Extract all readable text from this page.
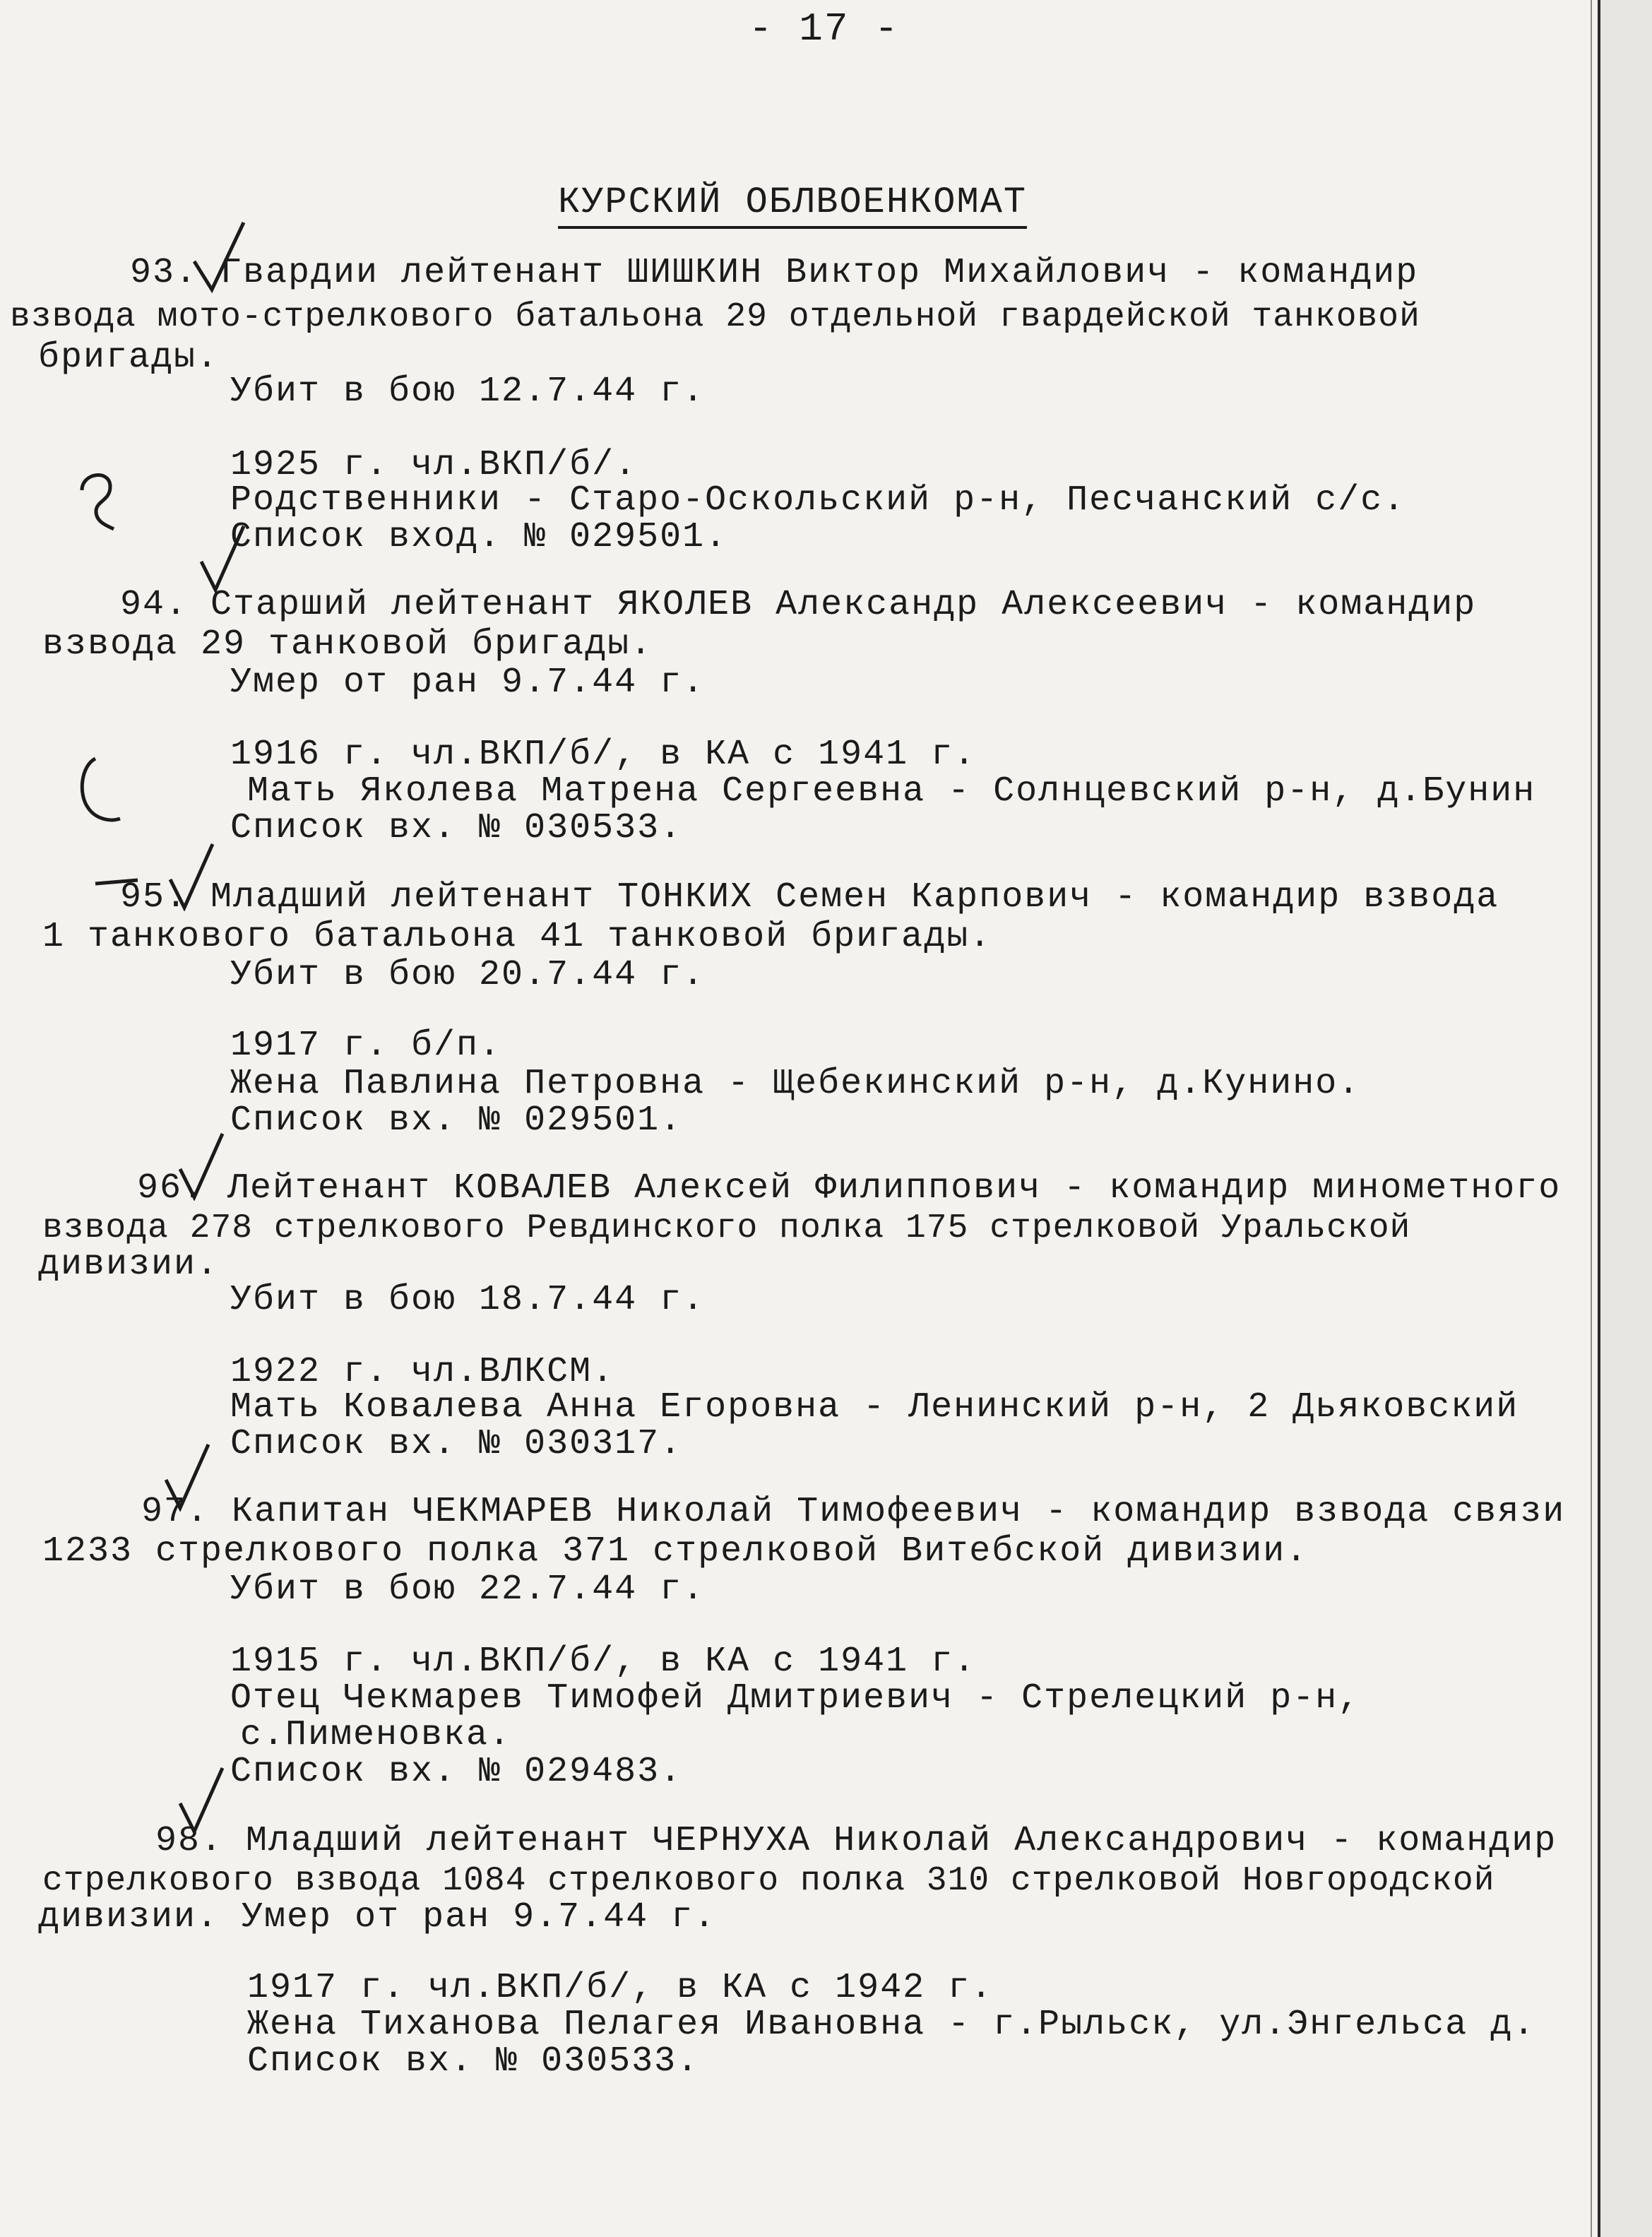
- 17 -
КУРСКИЙ ОБЛВОЕНКОМАТ
93. Гвардии лейтенант ШИШКИН Виктор Михайлович - командир
взвода мото-стрелкового батальона 29 отдельной гвардейской танковой
бригады.
Убит в бою 12.7.44 г.
1925 г. чл.ВКП/б/.
Родственники - Старо-Оскольский р-н, Песчанский с/с.
Список вход. № 029501.
94. Старший лейтенант ЯКОЛЕВ Александр Алексеевич - командир
взвода 29 танковой бригады.
Умер от ран 9.7.44 г.
1916 г. чл.ВКП/б/, в КА с 1941 г.
Мать Яколева Матрена Сергеевна - Солнцевский р-н, д.Бунин
Список вх. № 030533.
95. Младший лейтенант ТОНКИХ Семен Карпович - командир взвода
1 танкового батальона 41 танковой бригады.
Убит в бою 20.7.44 г.
1917 г. б/п.
Жена Павлина Петровна - Щебекинский р-н, д.Кунино.
Список вх. № 029501.
96. Лейтенант КОВАЛЕВ Алексей Филиппович - командир минометного
взвода 278 стрелкового Ревдинского полка 175 стрелковой Уральской
дивизии.
Убит в бою 18.7.44 г.
1922 г. чл.ВЛКСМ.
Мать Ковалева Анна Егоровна - Ленинский р-н, 2 Дьяковский
Список вх. № 030317.
97. Капитан ЧЕКМАРЕВ Николай Тимофеевич - командир взвода связи
1233 стрелкового полка 371 стрелковой Витебской дивизии.
Убит в бою 22.7.44 г.
1915 г. чл.ВКП/б/, в КА с 1941 г.
Отец Чекмарев Тимофей Дмитриевич - Стрелецкий р-н,
с.Пименовка.
Список вх. № 029483.
98. Младший лейтенант ЧЕРНУХА Николай Александрович - командир
стрелкового взвода 1084 стрелкового полка 310 стрелковой Новгородской
дивизии. Умер от ран 9.7.44 г.
1917 г. чл.ВКП/б/, в КА с 1942 г.
Жена Тиханова Пелагея Ивановна - г.Рыльск, ул.Энгельса д.
Список вх. № 030533.
